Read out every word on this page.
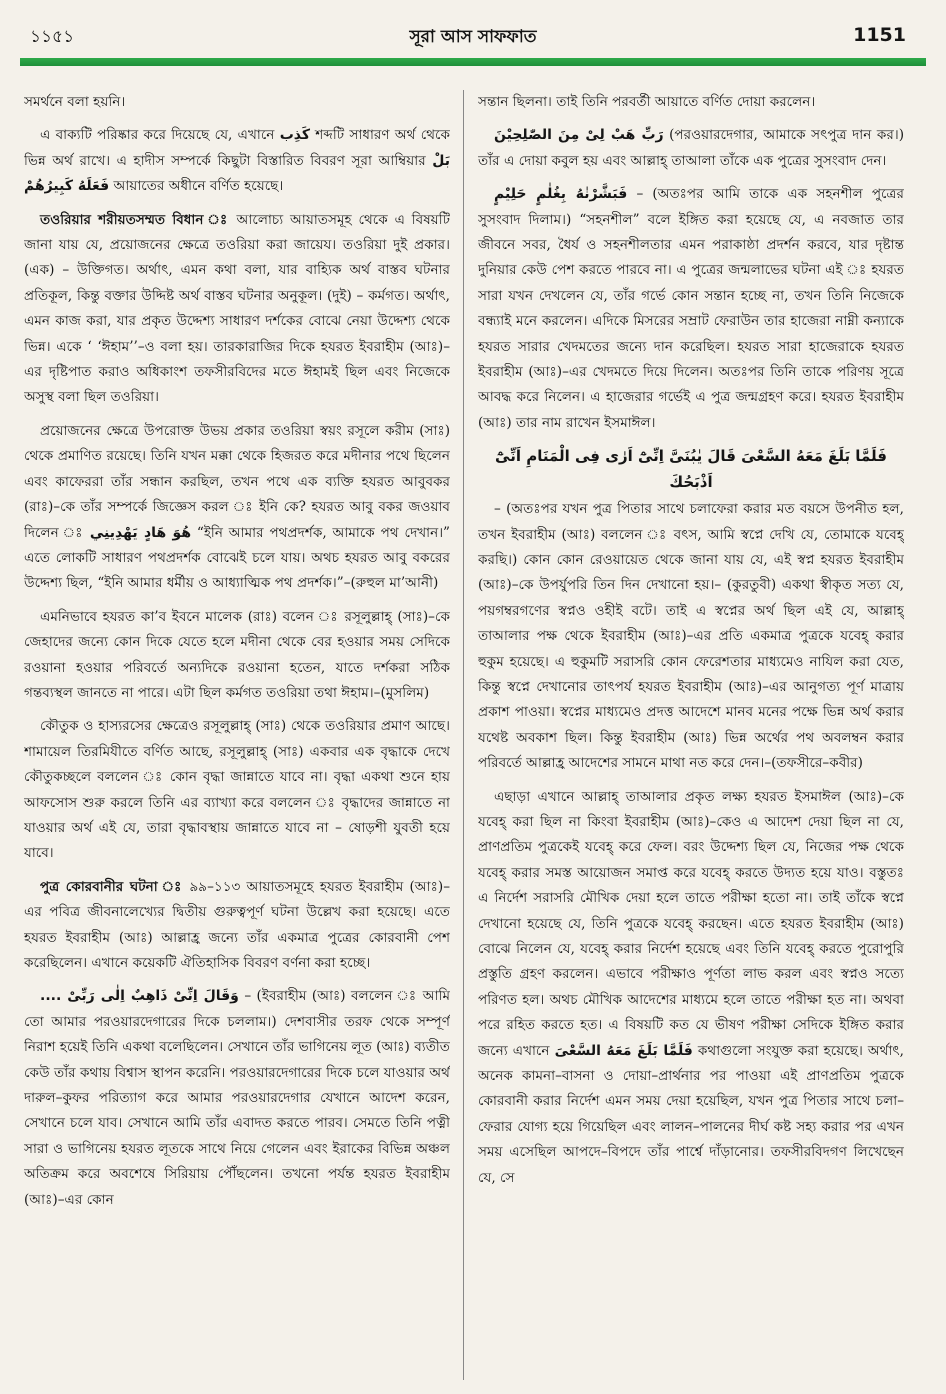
১১৫১	সূরা আস সাফফাত	1151

সমর্থনে বলা হয়নি।

এ বাক্যটি পরিষ্কার করে দিয়েছে যে, এখানে كَذِب শব্দটি সাধারণ অর্থ থেকে ভিন্ন অর্থ রাখে। এ হাদীস সম্পর্কে কিছুটা বিস্তারিত বিবরণ সূরা আম্বিয়ার بَلْ فَعَلَهُ كَبِيرُهُمْ আয়াতের অধীনে বর্ণিত হয়েছে।

তওরিয়ার শরীয়তসম্মত বিধান ঃ আলোচ্য আয়াতসমূহ থেকে এ বিষয়টি জানা যায় যে, প্রয়োজনের ক্ষেত্রে তওরিয়া করা জায়েয। তওরিয়া দুই প্রকার। (এক) – উক্তিগত। অর্থাৎ, এমন কথা বলা, যার বাহ্যিক অর্থ বাস্তব ঘটনার প্রতিকূল, কিন্তু বক্তার উদ্দিষ্ট অর্থ বাস্তব ঘটনার অনুকূল। (দুই) – কর্মগত। অর্থাৎ, এমন কাজ করা, যার প্রকৃত উদ্দেশ্য সাধারণ দর্শকের বোঝে নেয়া উদ্দেশ্য থেকে ভিন্ন। একে ‘ ‘ঈহাম’’–ও বলা হয়। তারকারাজির দিকে হযরত ইবরাহীম (আঃ)–এর দৃষ্টিপাত করাও অধিকাংশ তফসীরবিদের মতে ঈহামই ছিল এবং নিজেকে অসুস্থ বলা ছিল তওরিয়া।

প্রয়োজনের ক্ষেত্রে উপরোক্ত উভয় প্রকার তওরিয়া স্বয়ং রসূলে করীম (সাঃ) থেকে প্রমাণিত রয়েছে। তিনি যখন মক্কা থেকে হিজরত করে মদীনার পথে ছিলেন এবং কাফেররা তাঁর সন্ধান করছিল, তখন পথে এক ব্যক্তি হযরত আবুবকর (রাঃ)–কে তাঁর সম্পর্কে জিজ্ঞেস করল ঃ ইনি কে? হযরত আবু বকর জওয়াব দিলেন ঃ هُوَ هَادٍ يَهْدِينِي “ইনি আমার পথপ্রদর্শক, আমাকে পথ দেখান।” এতে লোকটি সাধারণ পথপ্রদর্শক বোঝেই চলে যায়। অথচ হযরত আবু বকরের উদ্দেশ্য ছিল, “ইনি আমার ধর্মীয় ও আধ্যাত্মিক পথ প্রদর্শক।”–(রুহুল মা’আনী)

এমনিভাবে হযরত কা’ব ইবনে মালেক (রাঃ) বলেন ঃ রসূলুল্লাহ্ (সাঃ)–কে জেহাদের জন্যে কোন দিকে যেতে হলে মদীনা থেকে বের হওয়ার সময় সেদিকে রওয়ানা হওয়ার পরিবর্তে অন্যদিকে রওয়ানা হতেন, যাতে দর্শকরা সঠিক গন্তব্যস্থল জানতে না পারে। এটা ছিল কর্মগত তওরিয়া তথা ঈহাম।–(মুসলিম)

কৌতুক ও হাস্যরসের ক্ষেত্রেও রসূলুল্লাহ্ (সাঃ) থেকে তওরিয়ার প্রমাণ আছে। শামায়েল তিরমিযীতে বর্ণিত আছে, রসূলুল্লাহ্ (সাঃ) একবার এক বৃদ্ধাকে দেখে কৌতুকচ্ছলে বললেন ঃ কোন বৃদ্ধা জান্নাতে যাবে না। বৃদ্ধা একথা শুনে হায় আফসোস শুরু করলে তিনি এর ব্যাখ্যা করে বললেন ঃ বৃদ্ধাদের জান্নাতে না যাওয়ার অর্থ এই যে, তারা বৃদ্ধাবস্থায় জান্নাতে যাবে না – ষোড়শী যুবতী হয়ে যাবে।

পুত্র কোরবানীর ঘটনা ঃ ৯৯–১১৩ আয়াতসমূহে হযরত ইবরাহীম (আঃ)–এর পবিত্র জীবনালেখ্যের দ্বিতীয় গুরুত্বপূর্ণ ঘটনা উল্লেখ করা হয়েছে। এতে হযরত ইবরাহীম (আঃ) আল্লাহ্র জন্যে তাঁর একমাত্র পুত্রের কোরবানী পেশ করেছিলেন। এখানে কয়েকটি ঐতিহাসিক বিবরণ বর্ণনা করা হচ্ছে।

وَقَالَ اِنِّىْ ذَاهِبٌ اِلٰى رَبِّىْ .... – (ইবরাহীম (আঃ) বললেন ঃ আমি তো আমার পরওয়ারদেগারের দিকে চললাম।) দেশবাসীর তরফ থেকে সম্পূর্ণ নিরাশ হয়েই তিনি একথা বলেছিলেন। সেখানে তাঁর ভাগিনেয় লূত (আঃ) ব্যতীত কেউ তাঁর কথায় বিশ্বাস স্থাপন করেনি। পরওয়ারদেগারের দিকে চলে যাওয়ার অর্থ দারুল–কুফর পরিত্যাগ করে আমার পরওয়ারদেগার যেখানে আদেশ করেন, সেখানে চলে যাব। সেখানে আমি তাঁর এবাদত করতে পারব। সেমতে তিনি পত্নী সারা ও ভাগিনেয় হযরত লূতকে সাথে নিয়ে গেলেন এবং ইরাকের বিভিন্ন অঞ্চল অতিক্রম করে অবশেষে সিরিয়ায় পৌঁছলেন। তখনো পর্যন্ত হযরত ইবরাহীম (আঃ)–এর কোন

সন্তান ছিলনা। তাই তিনি পরবর্তী আয়াতে বর্ণিত দোয়া করলেন।

رَبِّ هَبْ لِىْ مِنَ الصّٰلِحِيْنَ (পরওয়ারদেগার, আমাকে সৎপুত্র দান কর।) তাঁর এ দোয়া কবুল হয় এবং আল্লাহ্ তাআলা তাঁকে এক পুত্রের সুসংবাদ দেন।

فَبَشَّرْنٰهُ بِغُلٰمٍ حَلِيْمٍ – (অতঃপর আমি তাকে এক সহনশীল পুত্রের সুসংবাদ দিলাম।) “সহনশীল” বলে ইঙ্গিত করা হয়েছে যে, এ নবজাত তার জীবনে সবর, ধৈর্য ও সহনশীলতার এমন পরাকাষ্ঠা প্রদর্শন করবে, যার দৃষ্টান্ত দুনিয়ার কেউ পেশ করতে পারবে না। এ পুত্রের জন্মলাভের ঘটনা এই ঃ হযরত সারা যখন দেখলেন যে, তাঁর গর্ভে কোন সন্তান হচ্ছে না, তখন তিনি নিজেকে বন্ধ্যাই মনে করলেন। এদিকে মিসরের সম্রাট ফেরাউন তার হাজেরা নাম্নী কন্যাকে হযরত সারার খেদমতের জন্যে দান করেছিল। হযরত সারা হাজেরাকে হযরত ইবরাহীম (আঃ)–এর খেদমতে দিয়ে দিলেন। অতঃপর তিনি তাকে পরিণয় সূত্রে আবদ্ধ করে নিলেন। এ হাজেরার গর্ভেই এ পুত্র জন্মগ্রহণ করে। হযরত ইবরাহীম (আঃ) তার নাম রাখেন ইসমাঈল।

فَلَمَّا بَلَغَ مَعَهُ السَّعْىَ قَالَ يٰبُنَىَّ اِنِّىْٓ اَرٰى فِى الْمَنَامِ اَنِّىْٓ اَذْبَحُكَ

– (অতঃপর যখন পুত্র পিতার সাথে চলাফেরা করার মত বয়সে উপনীত হল, তখন ইবরাহীম (আঃ) বললেন ঃ বৎস, আমি স্বপ্নে দেখি যে, তোমাকে যবেহ্ করছি।) কোন কোন রেওয়ায়েত থেকে জানা যায় যে, এই স্বপ্ন হযরত ইবরাহীম (আঃ)–কে উপর্যুপরি তিন দিন দেখানো হয়।– (কুরতুবী) একথা স্বীকৃত সত্য যে, পয়গম্বরগণের স্বপ্নও ওহীই বটে। তাই এ স্বপ্নের অর্থ ছিল এই যে, আল্লাহ্ তাআলার পক্ষ থেকে ইবরাহীম (আঃ)–এর প্রতি একমাত্র পুত্রকে যবেহ্ করার হুকুম হয়েছে। এ হুকুমটি সরাসরি কোন ফেরেশতার মাধ্যমেও নাযিল করা যেত, কিন্তু স্বপ্নে দেখানোর তাৎপর্য হযরত ইবরাহীম (আঃ)–এর আনুগত্য পূর্ণ মাত্রায় প্রকাশ পাওয়া। স্বপ্নের মাধ্যমেও প্রদত্ত আদেশে মানব মনের পক্ষে ভিন্ন অর্থ করার যথেষ্ট অবকাশ ছিল। কিন্তু ইবরাহীম (আঃ) ভিন্ন অর্থের পথ অবলম্বন করার পরিবর্তে আল্লাহ্র আদেশের সামনে মাথা নত করে দেন।–(তফসীরে–কবীর)

এছাড়া এখানে আল্লাহ্ তাআলার প্রকৃত লক্ষ্য হযরত ইসমাঈল (আঃ)–কে যবেহ্ করা ছিল না কিংবা ইবরাহীম (আঃ)–কেও এ আদেশ দেয়া ছিল না যে, প্রাণপ্রতিম পুত্রকেই যবেহ্ করে ফেল। বরং উদ্দেশ্য ছিল যে, নিজের পক্ষ থেকে যবেহ্ করার সমস্ত আয়োজন সমাপ্ত করে যবেহ্ করতে উদ্যত হয়ে যাও। বস্তুতঃ এ নির্দেশ সরাসরি মৌখিক দেয়া হলে তাতে পরীক্ষা হতো না। তাই তাঁকে স্বপ্নে দেখানো হয়েছে যে, তিনি পুত্রকে যবেহ্ করছেন। এতে হযরত ইবরাহীম (আঃ) বোঝে নিলেন যে, যবেহ্ করার নির্দেশ হয়েছে এবং তিনি যবেহ্ করতে পুরোপুরি প্রস্তুতি গ্রহণ করলেন। এভাবে পরীক্ষাও পূর্ণতা লাভ করল এবং স্বপ্নও সত্যে পরিণত হল। অথচ মৌখিক আদেশের মাধ্যমে হলে তাতে পরীক্ষা হত না। অথবা পরে রহিত করতে হত। এ বিষয়টি কত যে ভীষণ পরীক্ষা সেদিকে ইঙ্গিত করার জন্যে এখানে فَلَمَّا بَلَغَ مَعَهُ السَّعْىَ কথাগুলো সংযুক্ত করা হয়েছে। অর্থাৎ, অনেক কামনা–বাসনা ও দোয়া–প্রার্থনার পর পাওয়া এই প্রাণপ্রতিম পুত্রকে কোরবানী করার নির্দেশ এমন সময় দেয়া হয়েছিল, যখন পুত্র পিতার সাথে চলা–ফেরার যোগ্য হয়ে গিয়েছিল এবং লালন–পালনের দীর্ঘ কষ্ট সহ্য করার পর এখন সময় এসেছিল আপদে–বিপদে তাঁর পার্শ্বে দাঁড়ানোর। তফসীরবিদগণ লিখেছেন যে, সে
